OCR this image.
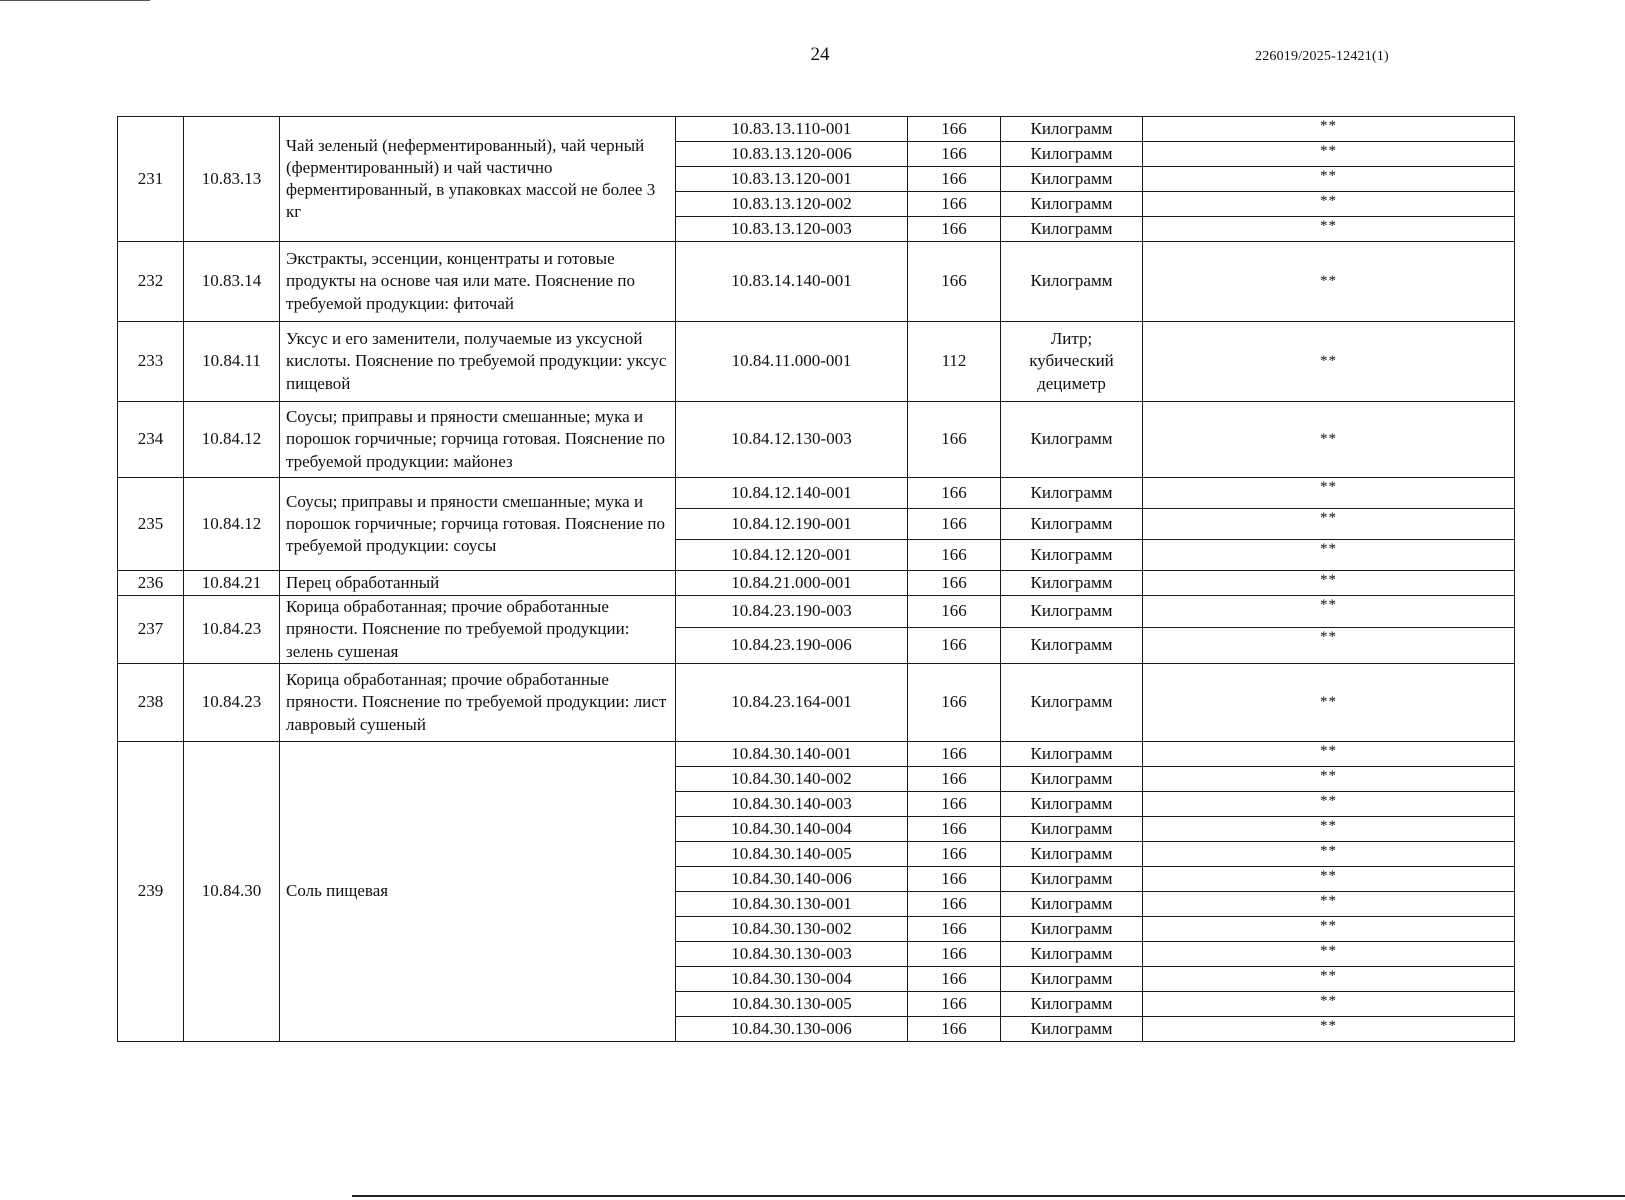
24	226019/2025-12421(1)
231	10.83.13	Чай зеленый (неферментированный), чай черный (ферментированный) и чай частично ферментированный, в упаковках массой не более 3 кг	10.83.13.110-001	166	Килограмм	**
			10.83.13.120-006	166	Килограмм	**
			10.83.13.120-001	166	Килограмм	**
			10.83.13.120-002	166	Килограмм	**
			10.83.13.120-003	166	Килограмм	**
232	10.83.14	Экстракты, эссенции, концентраты и готовые продукты на основе чая или мате. Пояснение по требуемой продукции: фиточай	10.83.14.140-001	166	Килограмм	**
233	10.84.11	Уксус и его заменители, получаемые из уксусной кислоты. Пояснение по требуемой продукции: уксус пищевой	10.84.11.000-001	112	Литр; кубический дециметр	**
234	10.84.12	Соусы; приправы и пряности смешанные; мука и порошок горчичные; горчица готовая. Пояснение по требуемой продукции: майонез	10.84.12.130-003	166	Килограмм	**
235	10.84.12	Соусы; приправы и пряности смешанные; мука и порошок горчичные; горчица готовая. Пояснение по требуемой продукции: соусы	10.84.12.140-001	166	Килограмм	**
			10.84.12.190-001	166	Килограмм	**
			10.84.12.120-001	166	Килограмм	**
236	10.84.21	Перец обработанный	10.84.21.000-001	166	Килограмм	**
237	10.84.23	Корица обработанная; прочие обработанные пряности. Пояснение по требуемой продукции: зелень сушеная	10.84.23.190-003	166	Килограмм	**
			10.84.23.190-006	166	Килограмм	**
238	10.84.23	Корица обработанная; прочие обработанные пряности. Пояснение по требуемой продукции: лист лавровый сушеный	10.84.23.164-001	166	Килограмм	**
239	10.84.30	Соль пищевая	10.84.30.140-001	166	Килограмм	**
			10.84.30.140-002	166	Килограмм	**
			10.84.30.140-003	166	Килограмм	**
			10.84.30.140-004	166	Килограмм	**
			10.84.30.140-005	166	Килограмм	**
			10.84.30.140-006	166	Килограмм	**
			10.84.30.130-001	166	Килограмм	**
			10.84.30.130-002	166	Килограмм	**
			10.84.30.130-003	166	Килограмм	**
			10.84.30.130-004	166	Килограмм	**
			10.84.30.130-005	166	Килограмм	**
			10.84.30.130-006	166	Килограмм	**
